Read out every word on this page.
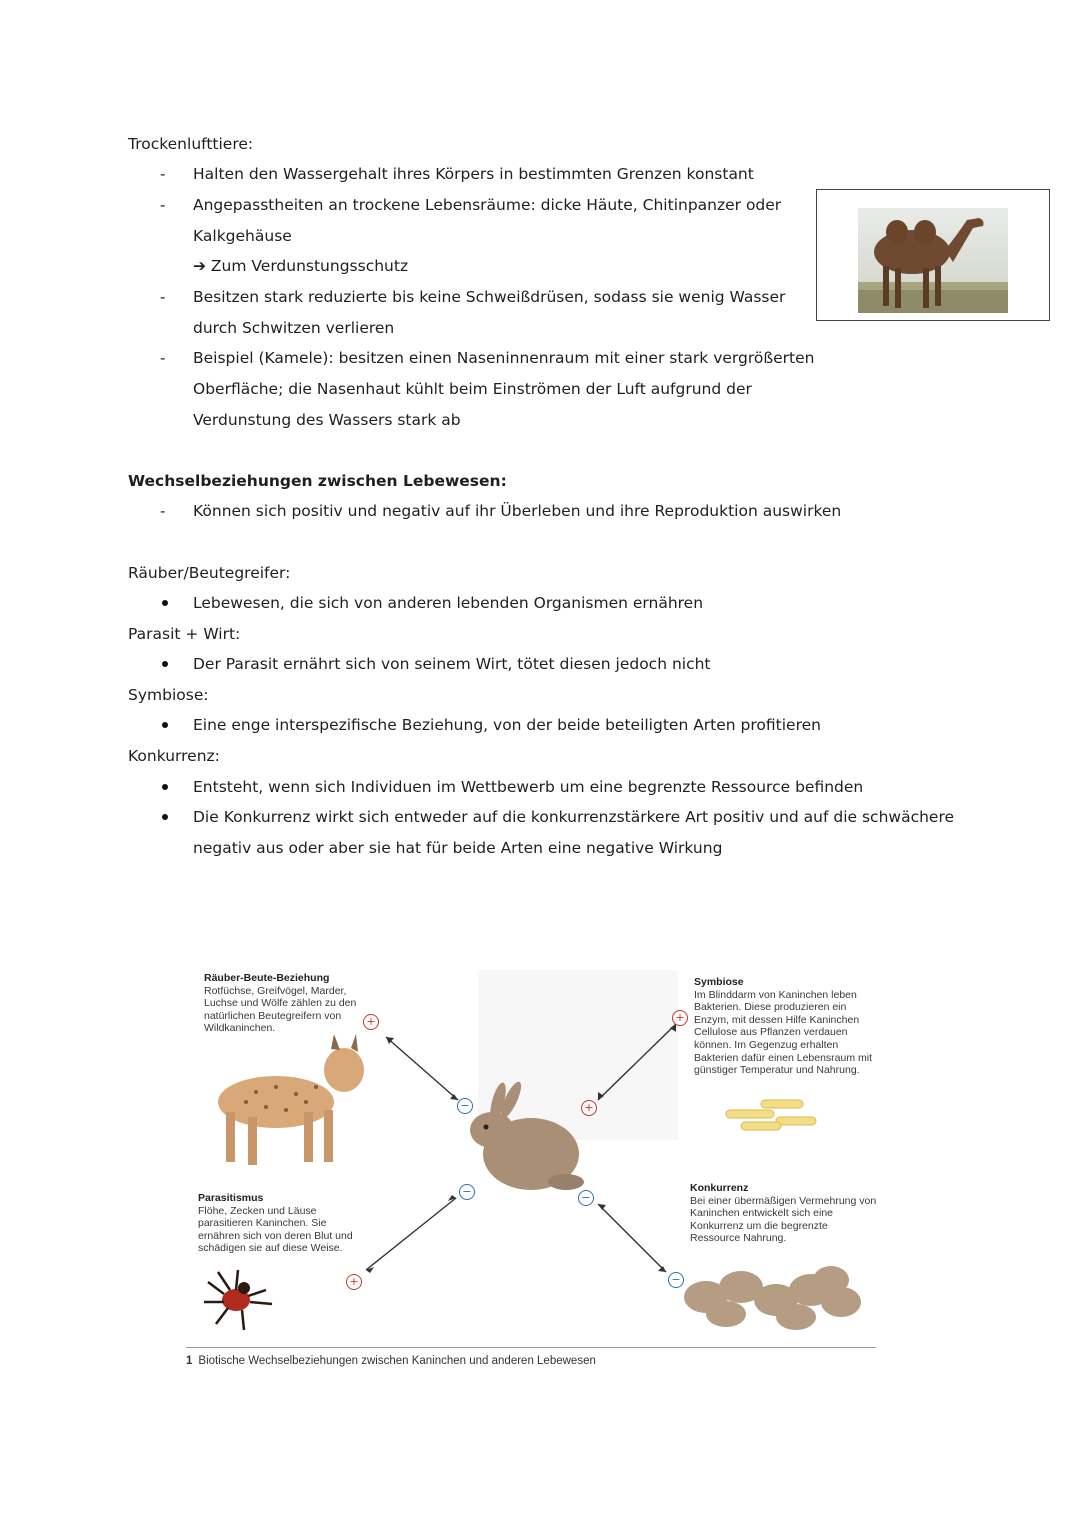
Trockenlufttiere:
- Halten den Wassergehalt ihres Körpers in bestimmten Grenzen konstant
- Angepasstheiten an trockene Lebensräume: dicke Häute, Chitinpanzer oder
Kalkgehäuse
➔ Zum Verdunstungsschutz
- Besitzen stark reduzierte bis keine Schweißdrüsen, sodass sie wenig Wasser
durch Schwitzen verlieren
- Beispiel (Kamele): besitzen einen Naseninnenraum mit einer stark vergrößerten
Oberfläche; die Nasenhaut kühlt beim Einströmen der Luft aufgrund der
Verdunstung des Wassers stark ab
Wechselbeziehungen zwischen Lebewesen:
- Können sich positiv und negativ auf ihr Überleben und ihre Reproduktion auswirken
Räuber/Beutegreifer:
Lebewesen, die sich von anderen lebenden Organismen ernähren
Parasit + Wirt:
Der Parasit ernährt sich von seinem Wirt, tötet diesen jedoch nicht
Symbiose:
Eine enge interspezifische Beziehung, von der beide beteiligten Arten profitieren
Konkurrenz:
Entsteht, wenn sich Individuen im Wettbewerb um eine begrenzte Ressource befinden
Die Konkurrenz wirkt sich entweder auf die konkurrenzstärkere Art positiv und auf die schwächere
negativ aus oder aber sie hat für beide Arten eine negative Wirkung
+
−	+
+
−
+
−
−
Räuber-Beute-Beziehung
Rotfüchse, Greifvögel, Marder, Luchse und Wölfe zählen zu den natürlichen Beutegreifern von Wildkaninchen.
Symbiose
Im Blinddarm von Kaninchen leben Bakterien. Diese produzieren ein Enzym, mit dessen Hilfe Kaninchen Cellulose aus Pflanzen verdauen können. Im Gegenzug erhalten Bakterien dafür einen Lebensraum mit günstiger Temperatur und Nahrung.
Parasitismus
Flöhe, Zecken und Läuse parasitieren Kaninchen. Sie ernähren sich von deren Blut und schädigen sie auf diese Weise.
Konkurrenz
Bei einer übermäßigen Vermehrung von Kaninchen entwickelt sich eine Konkurrenz um die begrenzte Ressource Nahrung.
1 Biotische Wechselbeziehungen zwischen Kaninchen und anderen Lebewesen
